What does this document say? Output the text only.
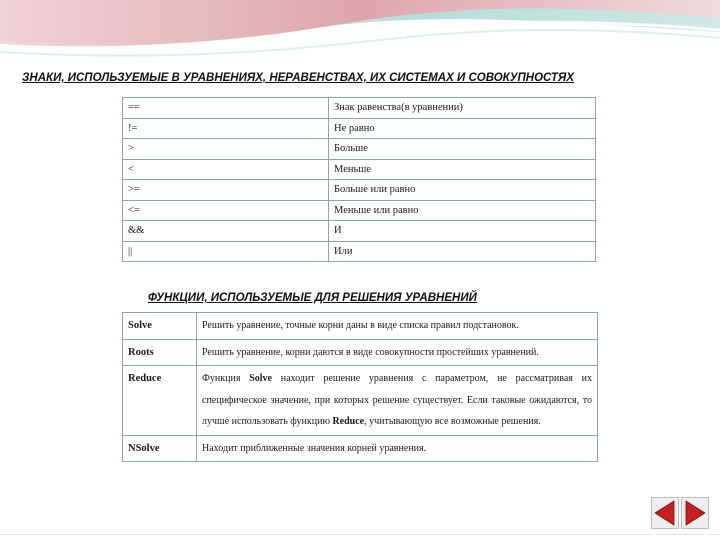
ЗНАКИ, ИСПОЛЬЗУЕМЫЕ В УРАВНЕНИЯХ, НЕРАВЕНСТВАХ, ИХ СИСТЕМАХ И СОВОКУПНОСТЯХ
==	Знак равенства(в уравнении)
!=	Не равно
>	Больше
<	Меньше
>=	Больше или равно
<=	Меньше или равно
&&	И
||	Или
ФУНКЦИИ, ИСПОЛЬЗУЕМЫЕ ДЛЯ РЕШЕНИЯ УРАВНЕНИЙ
Solve	Решить уравнение, точные корни даны в виде списка правил подстановок.
Roots	Решить уравнение, корни даются в виде совокупности простейших уравнений.
Reduce	Функция Solve находит решение уравнения с параметром, не рассматривая их специфическое значение, при которых решение существует. Если таковые ожидаются, то лучше использовать функцию Reduce, учитывающую все возможные решения.
NSolve	Находит приближенные значения корней уравнения.
